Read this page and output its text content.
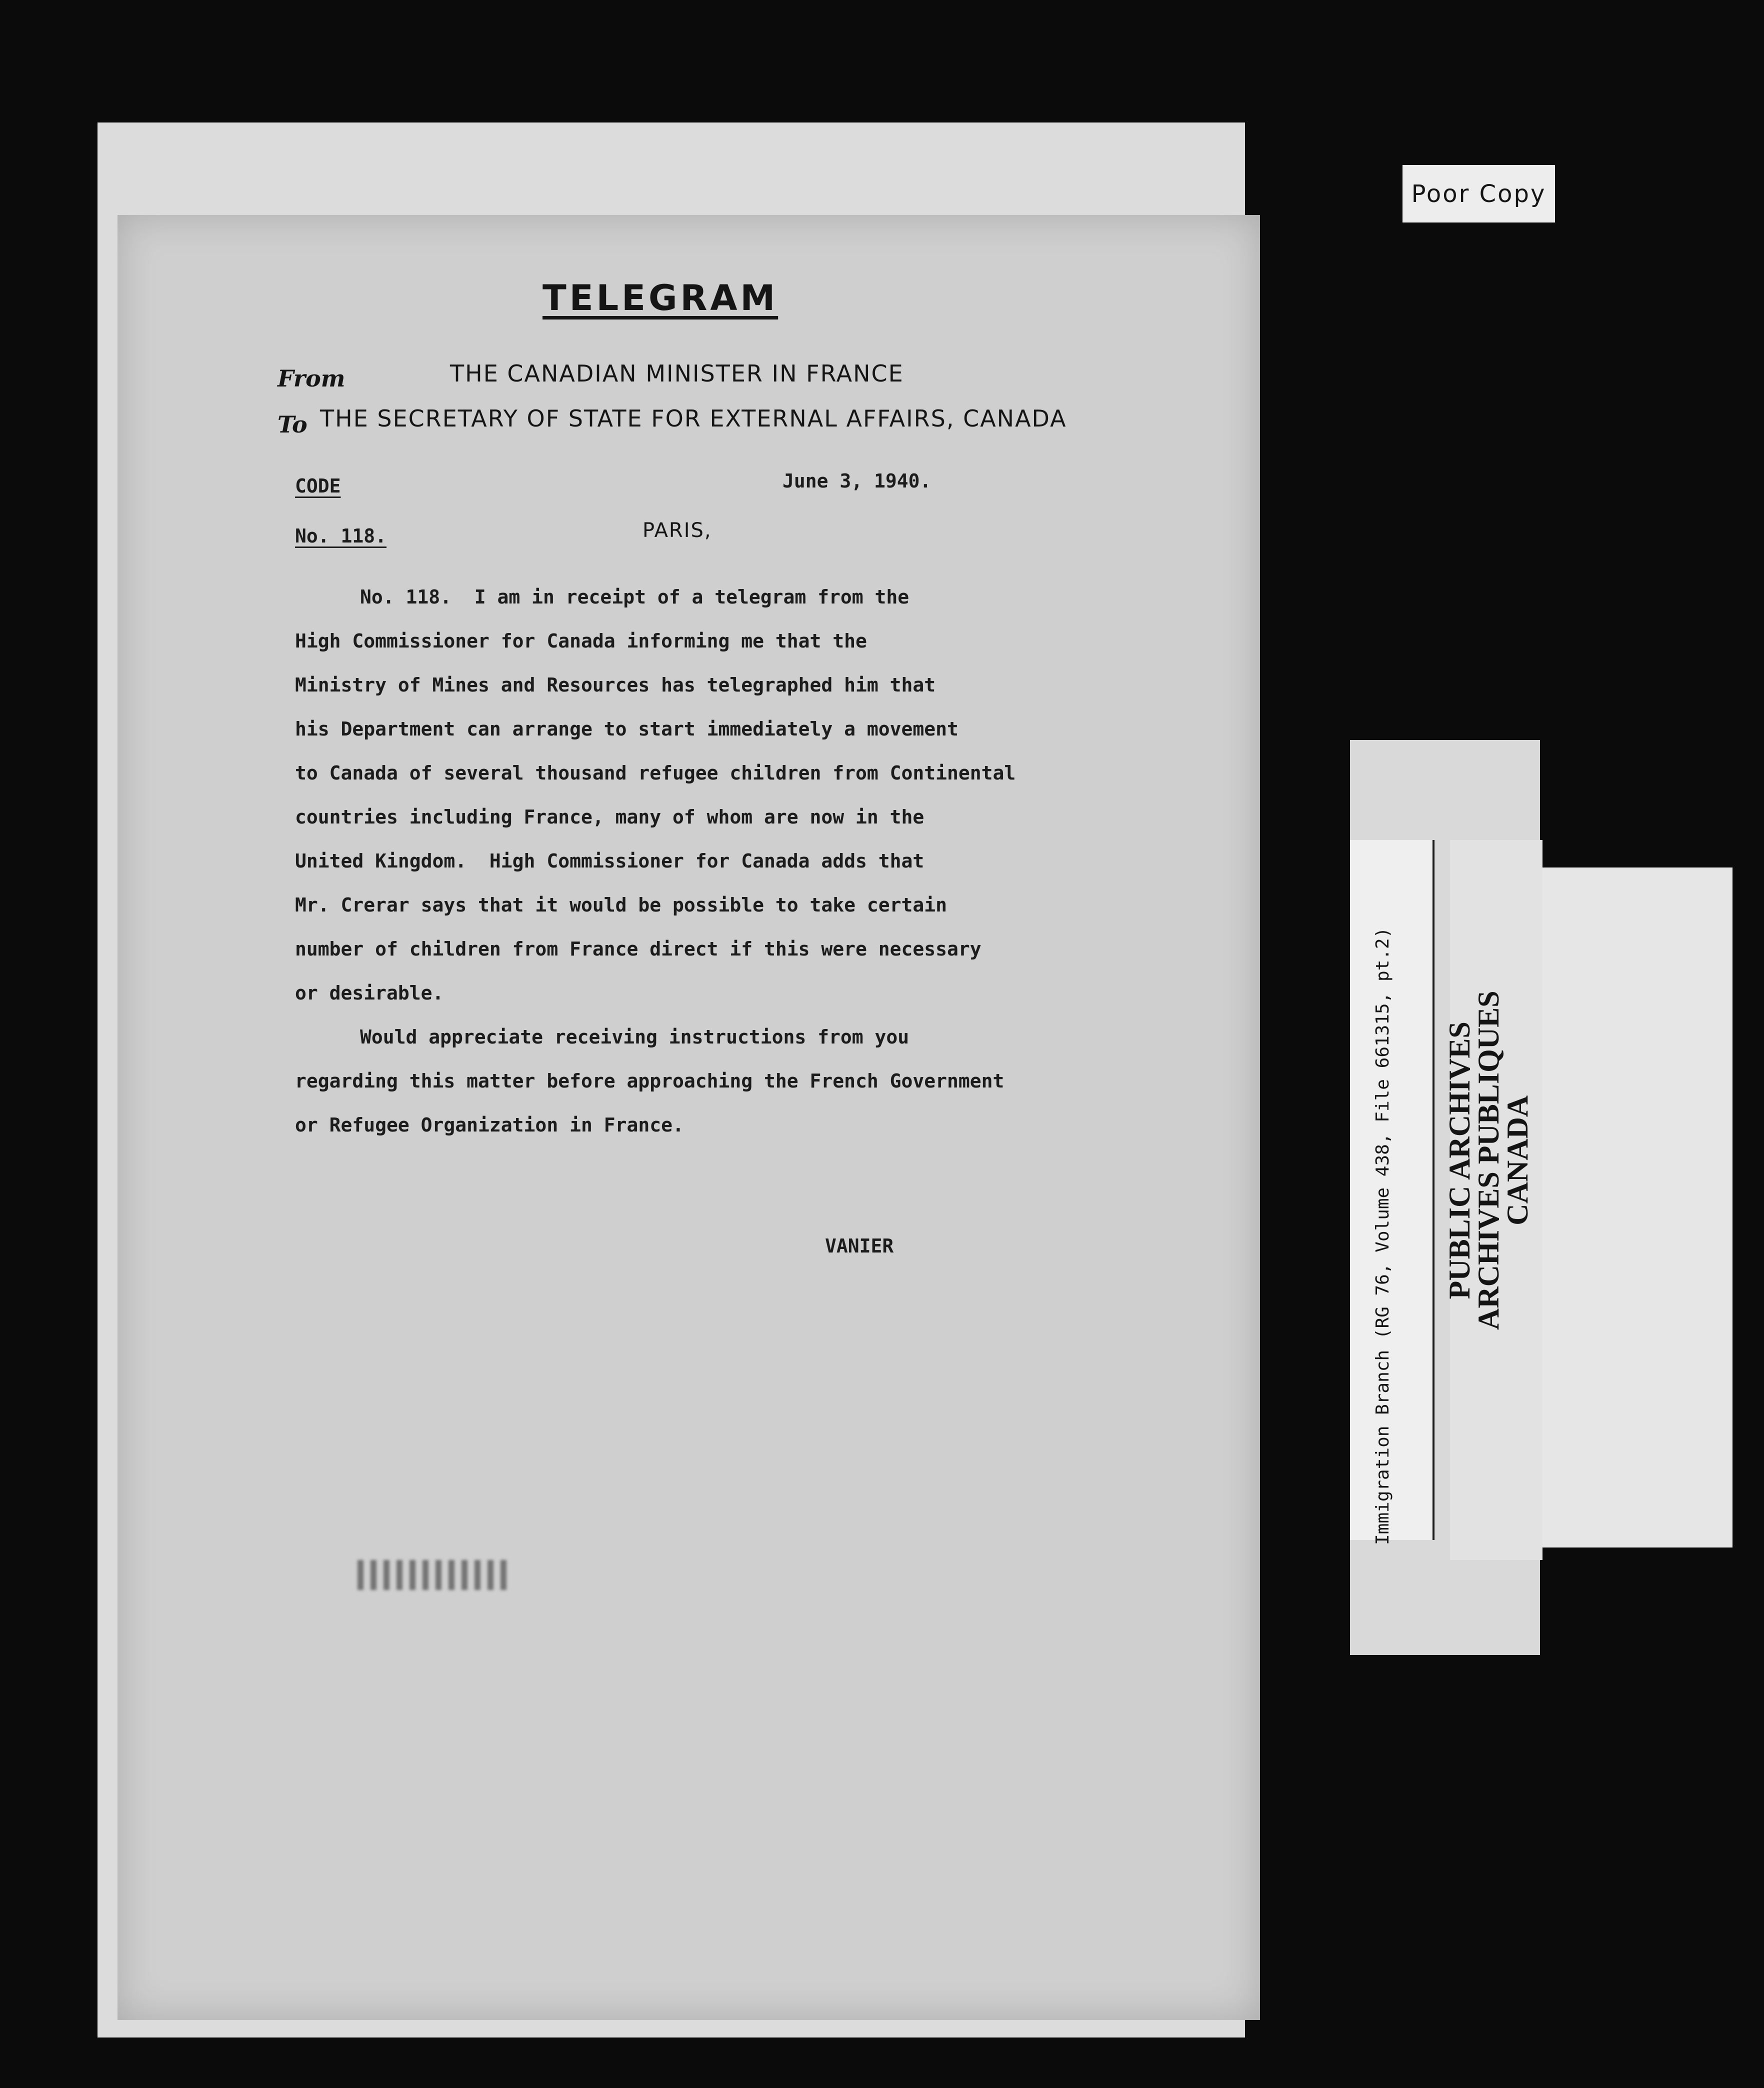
TELEGRAM
From	THE CANADIAN MINISTER IN FRANCE
To THE SECRETARY OF STATE FOR EXTERNAL AFFAIRS, CANADA
CODE	June 3, 1940.
No. 118.	PARIS,
No. 118.  I am in receipt of a telegram from the
High Commissioner for Canada informing me that the
Ministry of Mines and Resources has telegraphed him that
his Department can arrange to start immediately a movement
to Canada of several thousand refugee children from Continental
countries including France, many of whom are now in the
United Kingdom.  High Commissioner for Canada adds that
Mr. Crerar says that it would be possible to take certain
number of children from France direct if this were necessary
or desirable.
Would appreciate receiving instructions from you
regarding this matter before approaching the French Government
or Refugee Organization in France.
VANIER
Poor Copy
Immigration Branch (RG 76, Volume 438, File 661315, pt.2) PUBLIC ARCHIVES
ARCHIVES PUBLIQUES
CANADA
